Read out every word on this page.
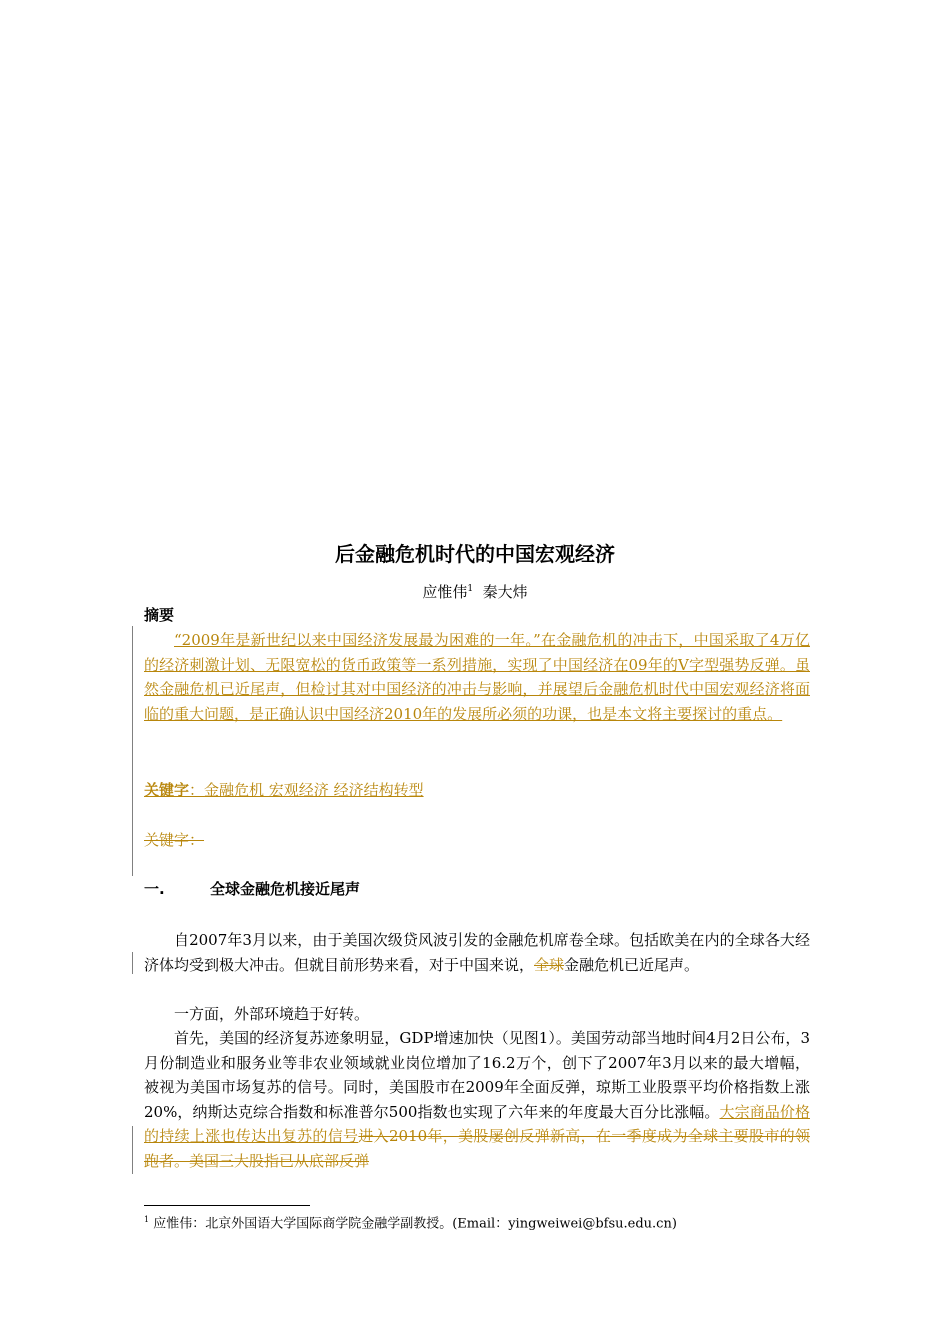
后金融危机时代的中国宏观经济
应惟伟$^1$ 秦大炜
摘要
“2009年是新世纪以来中国经济发展最为困难的一年。”在金融危机的冲击下，中国采取了4万亿的经济刺激计划、无限宽松的货币政策等一系列措施，实现了中国经济在09年的V字型强势反弹。虽然金融危机已近尾声，但检讨其对中国经济的冲击与影响，并展望后金融危机时代中国宏观经济将面临的重大问题，是正确认识中国经济2010年的发展所必须的功课，也是本文将主要探讨的重点。
关键字：金融危机 宏观经济 经济结构转型
关键字：
一.	全球金融危机接近尾声
自2007年3月以来，由于美国次级贷风波引发的金融危机席卷全球。包括欧美在内的全球各大经济体均受到极大冲击。但就目前形势来看，对于中国来说，全球金融危机已近尾声。
一方面，外部环境趋于好转。
首先，美国的经济复苏迹象明显，GDP增速加快（见图1）。美国劳动部当地时间4月2日公布，3月份制造业和服务业等非农业领域就业岗位增加了16.2万个，创下了2007年3月以来的最大增幅，被视为美国市场复苏的信号。同时，美国股市在2009年全面反弹，琼斯工业股票平均价格指数上涨20%，纳斯达克综合指数和标准普尔500指数也实现了六年来的年度最大百分比涨幅。大宗商品价格的持续上涨也传达出复苏的信号进入2010年，美股屡创反弹新高，在一季度成为全球主要股市的领跑者。美国三大股指已从底部反弹
$^1$ 应惟伟：北京外国语大学国际商学院金融学副教授。(Email：yingweiwei@bfsu.edu.cn)
